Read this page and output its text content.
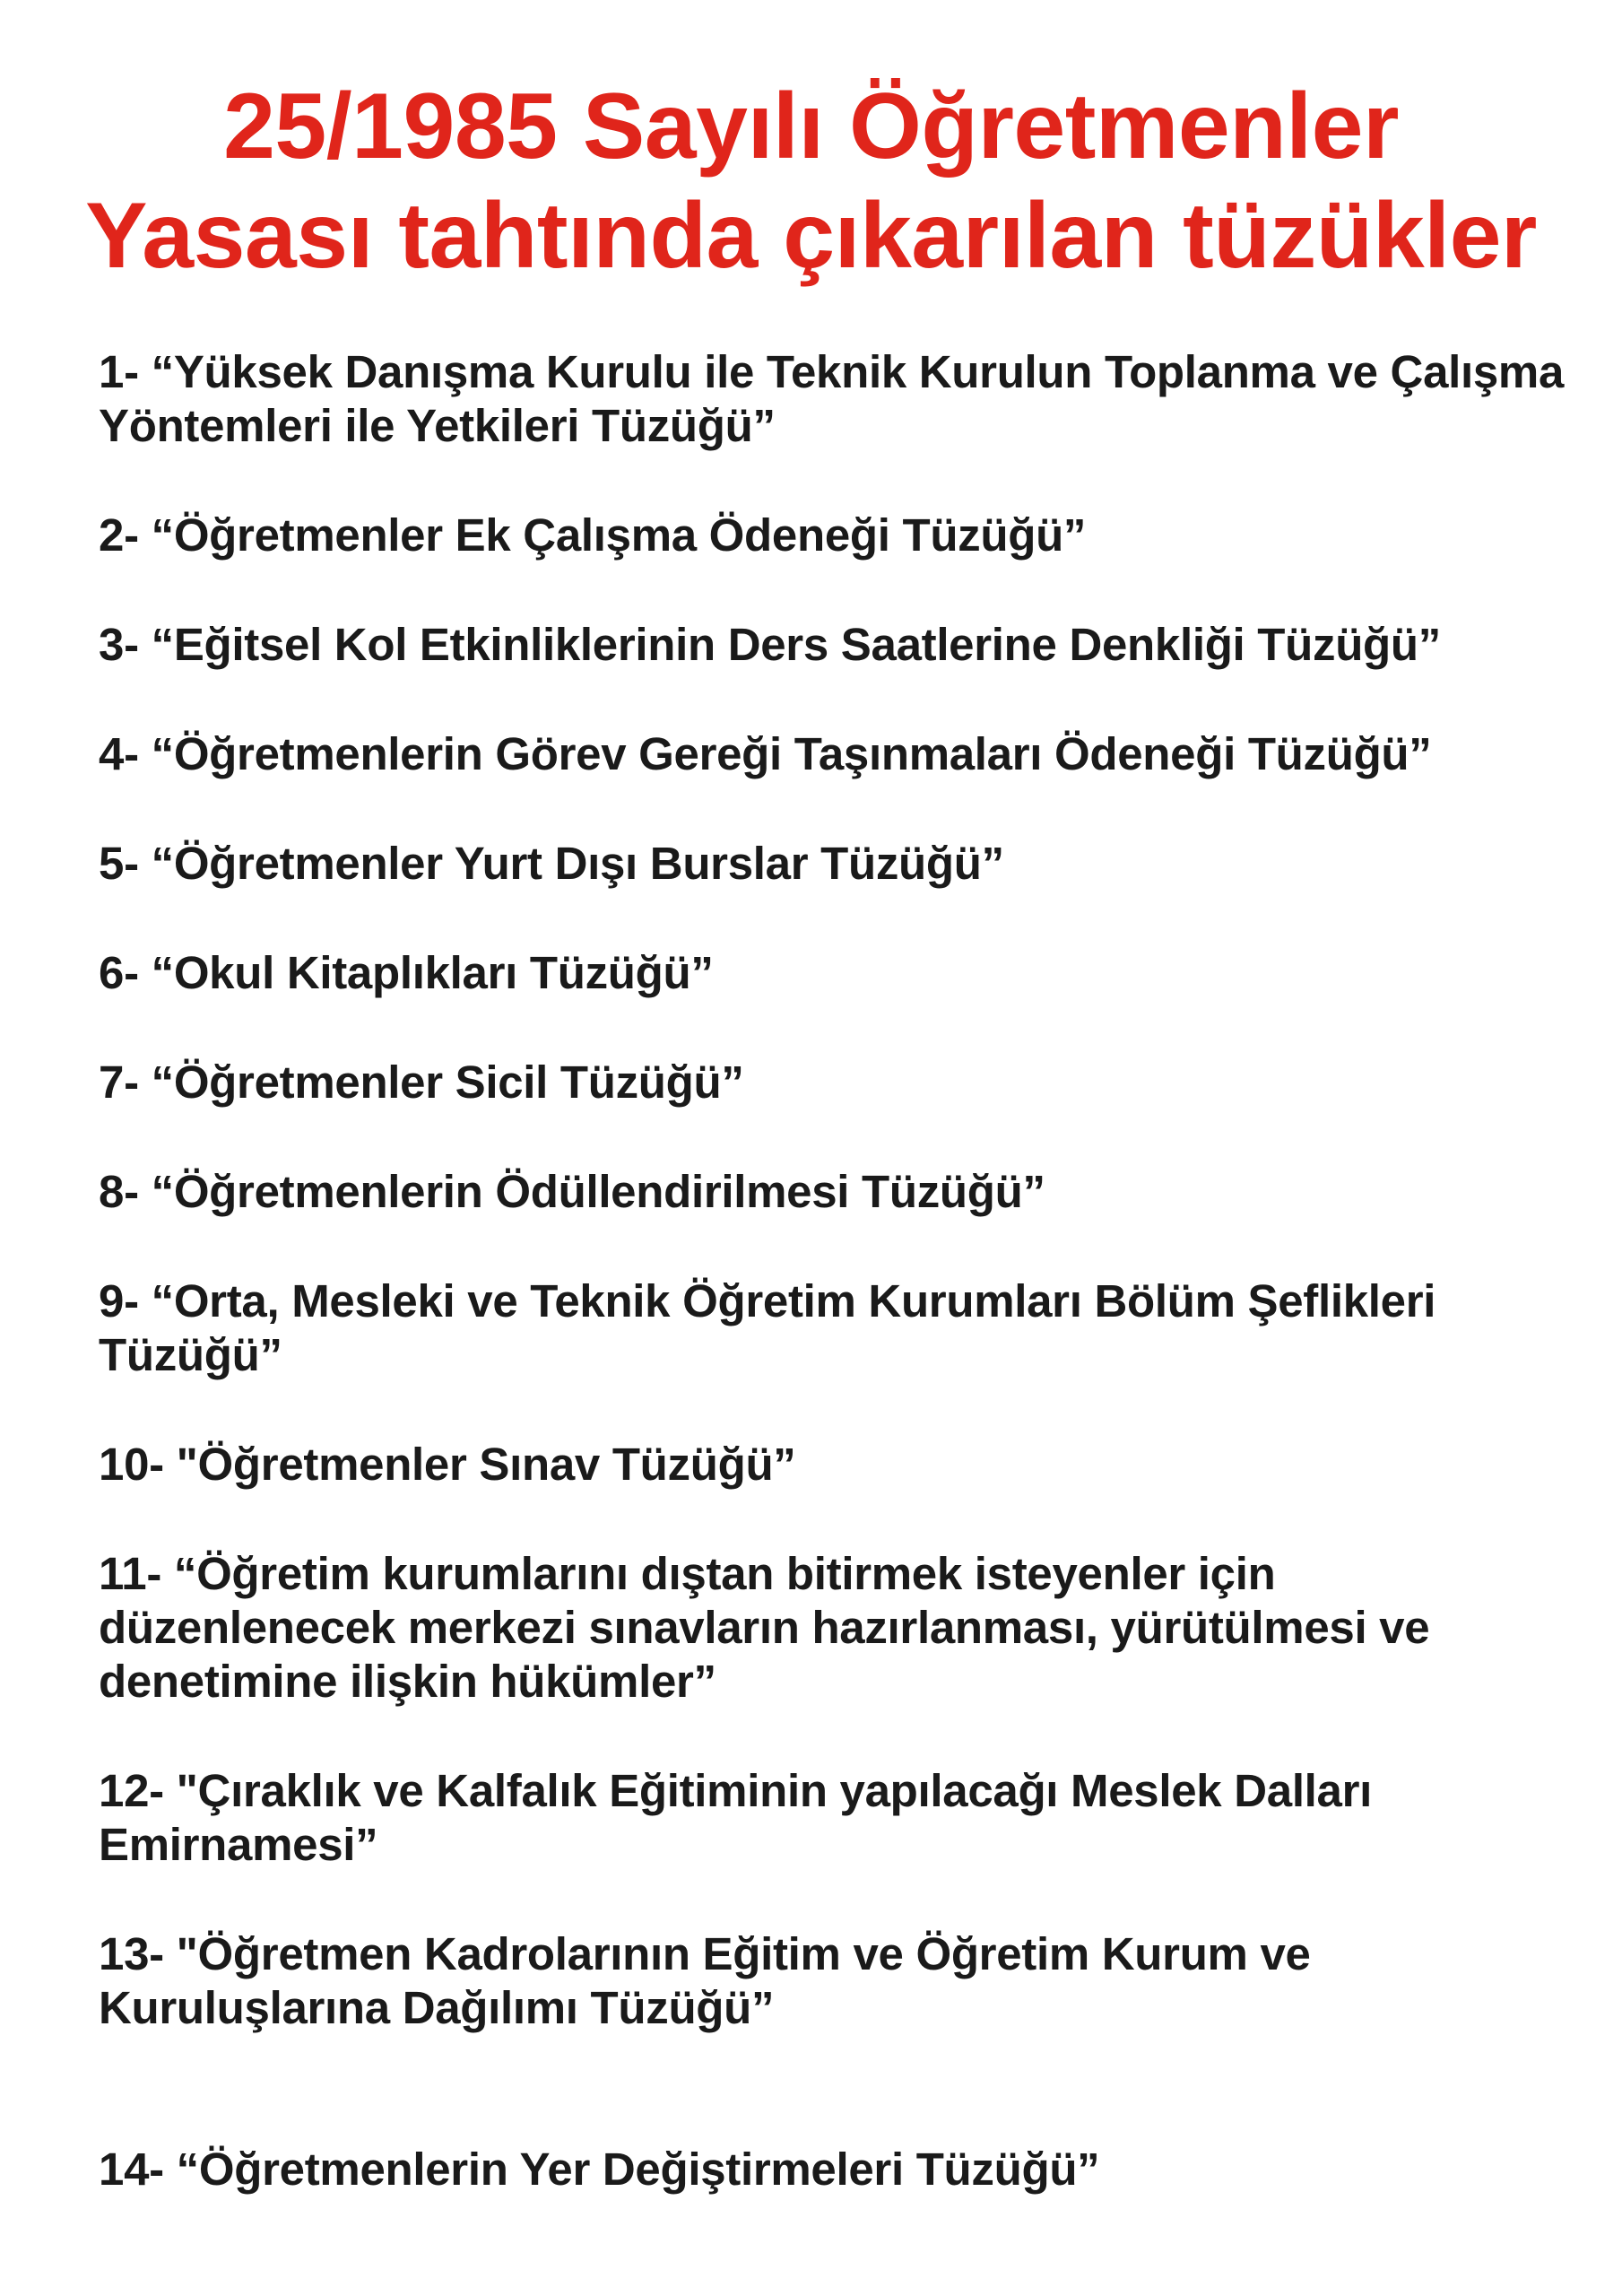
25/1985 Sayılı Öğretmenler
Yasası tahtında çıkarılan tüzükler
1- “Yüksek Danışma Kurulu ile Teknik Kurulun Toplanma ve Çalışma Yöntemleri ile Yetkileri Tüzüğü”
2- “Öğretmenler Ek Çalışma Ödeneği Tüzüğü”
3- “Eğitsel Kol Etkinliklerinin Ders Saatlerine Denkliği Tüzüğü”
4- “Öğretmenlerin Görev Gereği Taşınmaları Ödeneği Tüzüğü”
5- “Öğretmenler Yurt Dışı Burslar Tüzüğü”
6- “Okul Kitaplıkları Tüzüğü”
7- “Öğretmenler Sicil Tüzüğü”
8- “Öğretmenlerin Ödüllendirilmesi Tüzüğü”
9- “Orta, Mesleki ve Teknik Öğretim Kurumları Bölüm Şeflikleri Tüzüğü”
10- "Öğretmenler Sınav Tüzüğü”
11- “Öğretim kurumlarını dıştan bitirmek isteyenler için düzenlenecek merkezi sınavların hazırlanması, yürütülmesi ve denetimine ilişkin hükümler”
12- "Çıraklık ve Kalfalık Eğitiminin yapılacağı Meslek Dalları Emirnamesi”
13- "Öğretmen Kadrolarının Eğitim ve Öğretim Kurum ve Kuruluşlarına Dağılımı Tüzüğü”
14- “Öğretmenlerin Yer Değiştirmeleri Tüzüğü”
